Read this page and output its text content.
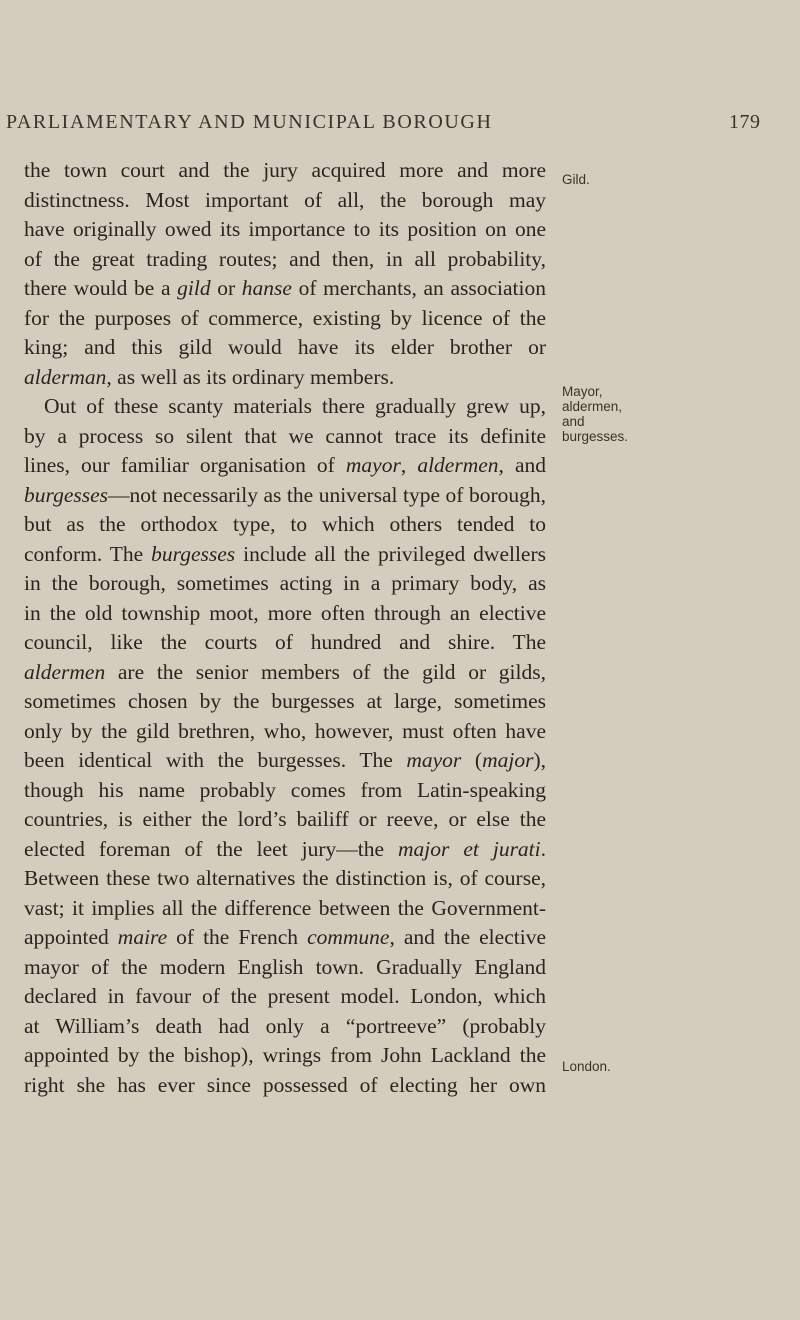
PARLIAMENTARY AND MUNICIPAL BOROUGH	179
the town court and the jury acquired more and more
distinctness. Most important of all, the borough may
have originally owed its importance to its position on one
of the great trading routes; and then, in all probability,
there would be a gild or hanse of merchants, an association
for the purposes of commerce, existing by licence of the
king; and this gild would have its elder brother or
alderman, as well as its ordinary members.
Out of these scanty materials there gradually grew up,
by a process so silent that we cannot trace its definite
lines, our familiar organisation of mayor, aldermen, and
burgesses—not necessarily as the universal type of borough,
but as the orthodox type, to which others tended to
conform. The burgesses include all the privileged dwellers
in the borough, sometimes acting in a primary body, as
in the old township moot, more often through an elective
council, like the courts of hundred and shire. The
aldermen are the senior members of the gild or gilds,
sometimes chosen by the burgesses at large, sometimes
only by the gild brethren, who, however, must often have
been identical with the burgesses. The mayor (major),
though his name probably comes from Latin-speaking
countries, is either the lord’s bailiff or reeve, or else the
elected foreman of the leet jury—the major et jurati.
Between these two alternatives the distinction is, of course,
vast; it implies all the difference between the Government-
appointed maire of the French commune, and the elective
mayor of the modern English town. Gradually England
declared in favour of the present model. London, which
at William’s death had only a “portreeve” (probably
appointed by the bishop), wrings from John Lackland the
right she has ever since possessed of electing her own
Gild.
Mayor,
aldermen,
and
burgesses.
London.
